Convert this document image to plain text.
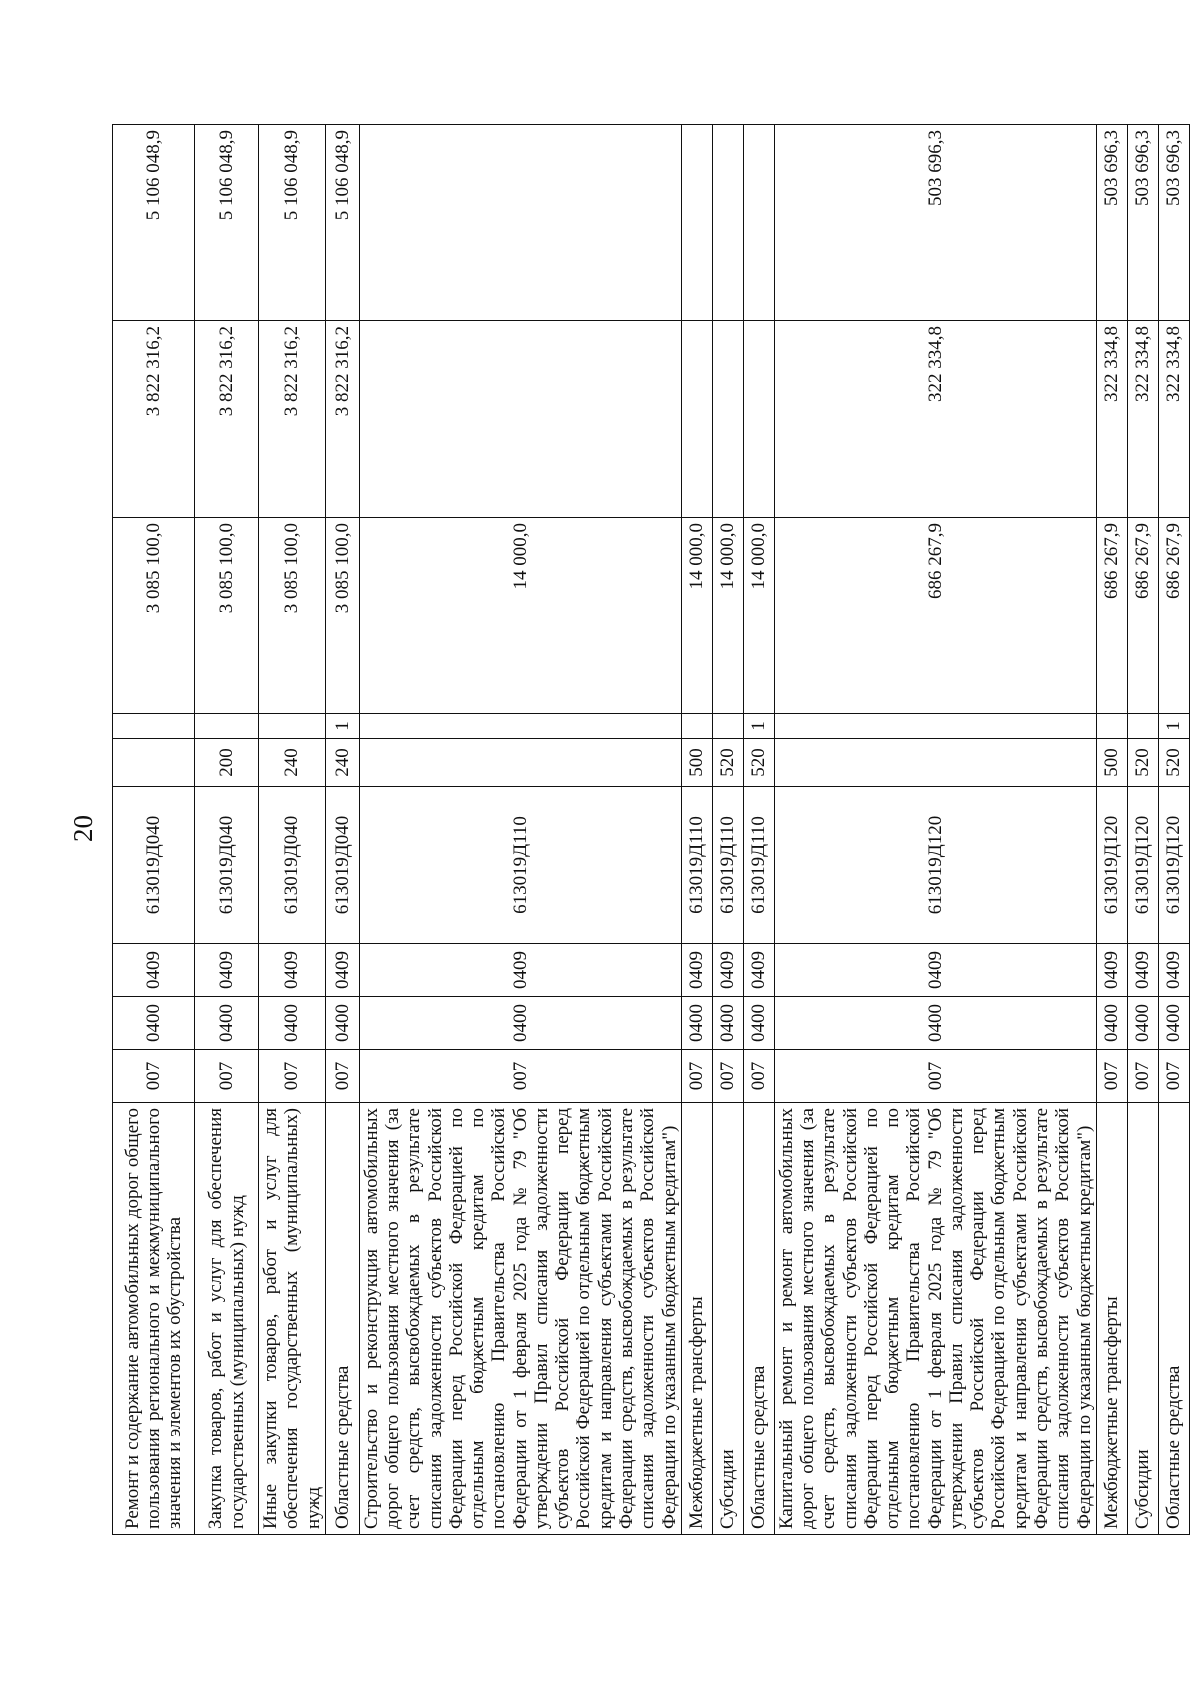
20
Ремонт и содержание автомобильных дорог общего пользования регионального и межмуниципального значения и элементов их обустройства	007	0400	0409	613019Д040			3 085 100,0	3 822 316,2	5 106 048,9
Закупка товаров, работ и услуг для обеспечения государственных (муниципальных) нужд	007	0400	0409	613019Д040	200		3 085 100,0	3 822 316,2	5 106 048,9
Иные закупки товаров, работ и услуг для обеспечения государственных (муниципальных) нужд	007	0400	0409	613019Д040	240		3 085 100,0	3 822 316,2	5 106 048,9
Областные средства	007	0400	0409	613019Д040	240	1	3 085 100,0	3 822 316,2	5 106 048,9
Строительство и реконструкция автомобильных дорог общего пользования местного значения (за счет средств, высвобождаемых в результате списания задолженности субъектов Российской Федерации перед Российской Федерацией по отдельным бюджетным кредитам по постановлению Правительства Российской Федерации от 1 февраля 2025 года № 79 "Об утверждении Правил списания задолженности субъектов Российской Федерации перед Российской Федерацией по отдельным бюджетным кредитам и направления субъектами Российской Федерации средств, высвобождаемых в результате списания задолженности субъектов Российской Федерации по указанным бюджетным кредитам")	007	0400	0409	613019Д110			14 000,0		
Межбюджетные трансферты	007	0400	0409	613019Д110	500		14 000,0		
Субсидии	007	0400	0409	613019Д110	520		14 000,0		
Областные средства	007	0400	0409	613019Д110	520	1	14 000,0		
Капитальный ремонт и ремонт автомобильных дорог общего пользования местного значения (за счет средств, высвобождаемых в результате списания задолженности субъектов Российской Федерации перед Российской Федерацией по отдельным бюджетным кредитам по постановлению Правительства Российской Федерации от 1 февраля 2025 года № 79 "Об утверждении Правил списания задолженности субъектов Российской Федерации перед Российской Федерацией по отдельным бюджетным кредитам и направления субъектами Российской Федерации средств, высвобождаемых в результате списания задолженности субъектов Российской Федерации по указанным бюджетным кредитам")	007	0400	0409	613019Д120			686 267,9	322 334,8	503 696,3
Межбюджетные трансферты	007	0400	0409	613019Д120	500		686 267,9	322 334,8	503 696,3
Субсидии	007	0400	0409	613019Д120	520		686 267,9	322 334,8	503 696,3
Областные средства	007	0400	0409	613019Д120	520	1	686 267,9	322 334,8	503 696,3
